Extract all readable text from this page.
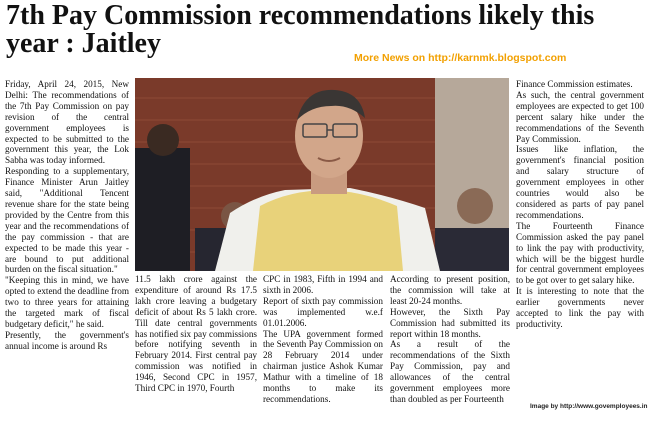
7th Pay Commission recommendations likely this year : Jaitley	More News on http://karnmk.blogspot.com

Friday, April 24, 2015, New Delhi: The recommendations of the 7th Pay Commission on pay revision of the central government employees is expected to be submitted to the government this year, the Lok Sabha was today informed.

Responding to a supplementary, Finance Minister Arun Jaitley said, "Additional Tencent revenue share for the state being provided by the Centre from this year and the recommendations of the pay commission - that are expected to be made this year - are bound to put additional burden on the fiscal situation."

"Keeping this in mind, we have opted to extend the deadline from two to three years for attaining the targeted mark of fiscal budgetary deficit," he said.

Presently, the government's annual income is around Rs

11.5 lakh crore against the expenditure of around Rs 17.5 lakh crore leaving a budgetary deficit of about Rs 5 lakh crore. Till date central governments has notified six pay commissions before notifying seventh in February 2014. First central pay commission was notified in 1946, Second CPC in 1957, Third CPC in 1970, Fourth

CPC in 1983, Fifth in 1994 and sixth in 2006.

Report of sixth pay commission was implemented w.e.f 01.01.2006.

The UPA government formed the Seventh Pay Commission on 28 February 2014 under chairman justice Ashok Kumar Mathur with a timeline of 18 months to make its recommendations.

According to present position, the commission will take at least 20-24 months.

However, the Sixth Pay Commission had submitted its report within 18 months.

As a result of the recommendations of the Sixth Pay Commission, pay and allowances of the central government employees more than doubled as per Fourteenth

Finance Commission estimates.

As such, the central government employees are expected to get 100 percent salary hike under the recommendations of the Seventh Pay Commission.

Issues like inflation, the government's financial position and salary structure of government employees in other countries would also be considered as parts of pay panel recommendations.

The Fourteenth Finance Commission asked the pay panel to link the pay with productivity, which will be the biggest hurdle for central government employees to be got over to get salary hike.

It is interesting to note that the earlier governments never accepted to link the pay with productivity.

Image by http://www.govemployees.in
